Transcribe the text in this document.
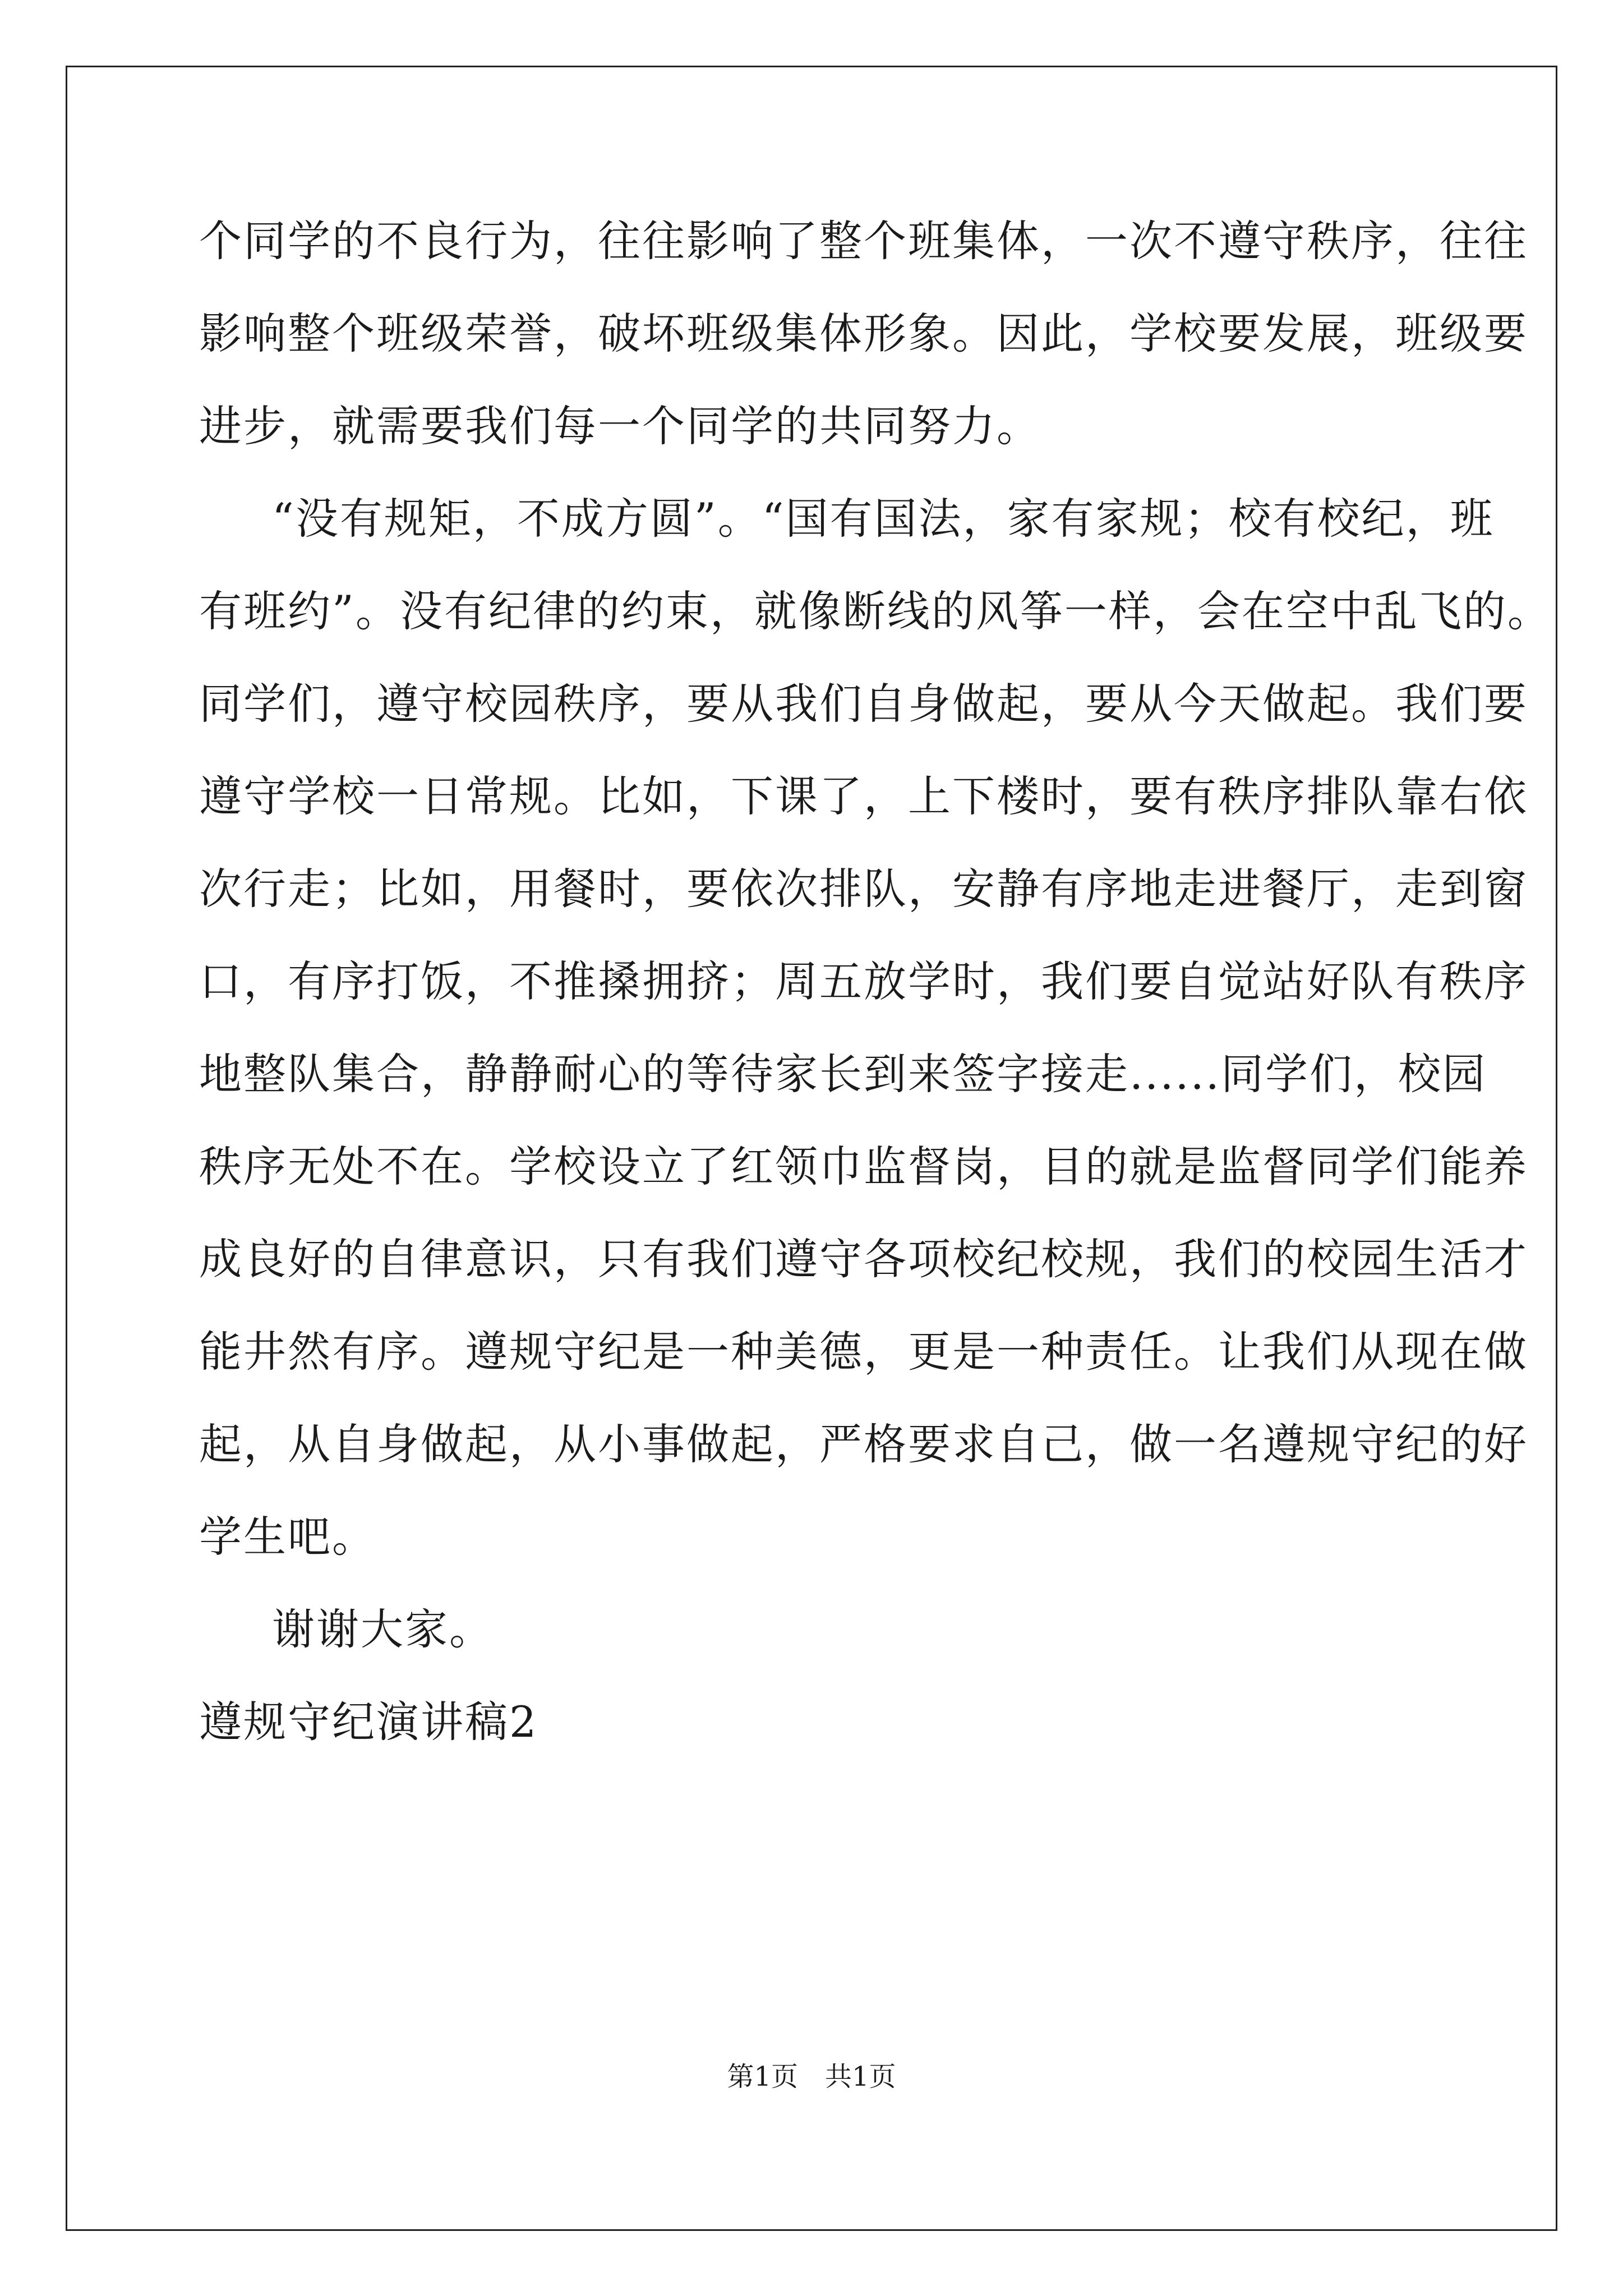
个同学的不良行为，往往影响了整个班集体，一次不遵守秩序，往往
影响整个班级荣誉，破坏班级集体形象。因此，学校要发展，班级要
进步，就需要我们每一个同学的共同努力。
“没有规矩，不成方圆”。“国有国法，家有家规；校有校纪，班
有班约”。没有纪律的约束，就像断线的风筝一样，会在空中乱飞的。
同学们，遵守校园秩序，要从我们自身做起，要从今天做起。我们要
遵守学校一日常规。比如，下课了，上下楼时，要有秩序排队靠右依
次行走；比如，用餐时，要依次排队，安静有序地走进餐厅，走到窗
口，有序打饭，不推搡拥挤；周五放学时，我们要自觉站好队有秩序
地整队集合，静静耐心的等待家长到来签字接走......同学们，校园
秩序无处不在。学校设立了红领巾监督岗，目的就是监督同学们能养
成良好的自律意识，只有我们遵守各项校纪校规，我们的校园生活才
能井然有序。遵规守纪是一种美德，更是一种责任。让我们从现在做
起，从自身做起，从小事做起，严格要求自己，做一名遵规守纪的好
学生吧。
谢谢大家。
遵规守纪演讲稿2
第1页　共1页
